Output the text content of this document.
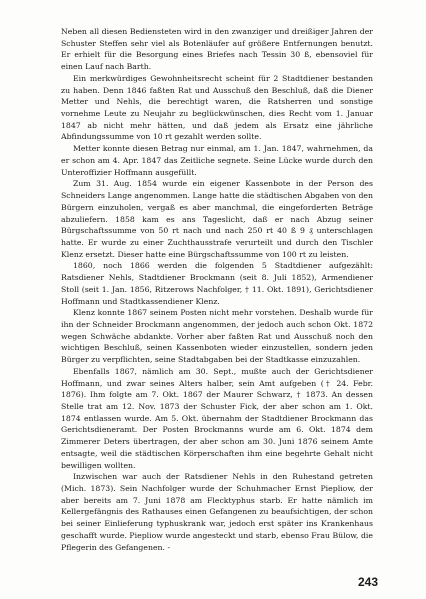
Neben all diesen Bediensteten wird in den zwanziger und dreißiger Jahren der Schuster Steffen sehr viel als Botenläufer auf größere Entfernungen benutzt. Er erhielt für die Besorgung eines Briefes nach Tessin 30 ß, ebensoviel für einen Lauf nach Barth.

Ein merkwürdiges Gewohnheitsrecht scheint für 2 Stadtdiener bestanden zu haben. Denn 1846 faßten Rat und Ausschuß den Beschluß, daß die Diener Metter und Nehls, die berechtigt waren, die Ratsherren und sonstige vornehme Leute zu Neujahr zu beglückwünschen, dies Recht vom 1. Januar 1847 ab nicht mehr hätten, und daß jedem als Ersatz eine jährliche Abfindungssumme von 10 rt gezahlt werden sollte.

Metter konnte diesen Betrag nur einmal, am 1. Jan. 1847, wahrnehmen, da er schon am 4. Apr. 1847 das Zeitliche segnete. Seine Lücke wurde durch den Unteroffizier Hoffmann ausgefüllt.

Zum 31. Aug. 1854 wurde ein eigener Kassenbote in der Person des Schneiders Lange angenommen. Lange hatte die städtischen Abgaben von den Bürgern einzuholen, vergaß es aber manchmal, die eingeforderten Beträge abzuliefern. 1858 kam es ans Tageslicht, daß er nach Abzug seiner Bürgschaftssumme von 50 rt nach und nach 250 rt 40 ß 9 ₰ unterschlagen hatte. Er wurde zu einer Zuchthausstrafe verurteilt und durch den Tischler Klenz ersetzt. Dieser hatte eine Bürgschaftssumme von 100 rt zu leisten.

1860, noch 1866 werden die folgenden 5 Stadtdiener aufgezählt: Ratsdiener Nehls, Stadtdiener Brockmann (seit 8. Juli 1852), Armendiener Stoll (seit 1. Jan. 1856, Ritzerows Nachfolger, † 11. Okt. 1891), Gerichtsdiener Hoffmann und Stadtkassendiener Klenz.

Klenz konnte 1867 seinem Posten nicht mehr vorstehen. Deshalb wurde für ihn der Schneider Brockmann angenommen, der jedoch auch schon Okt. 1872 wegen Schwäche abdankte. Vorher aber faßten Rat und Ausschuß noch den wichtigen Beschluß, seinen Kassenboten wieder einzustellen, sondern jeden Bürger zu verpflichten, seine Stadtabgaben bei der Stadtkasse einzuzahlen.

Ebenfalls 1867, nämlich am 30. Sept., mußte auch der Gerichtsdiener Hoffmann, und zwar seines Alters halber, sein Amt aufgeben († 24. Febr. 1876). Ihm folgte am 7. Okt. 1867 der Maurer Schwarz, † 1873. An dessen Stelle trat am 12. Nov. 1873 der Schuster Fick, der aber schon am 1. Okt. 1874 entlassen wurde. Am 5. Okt. übernahm der Stadtdiener Brockmann das Gerichtsdieneramt. Der Posten Brockmanns wurde am 6. Okt. 1874 dem Zimmerer Deters übertragen, der aber schon am 30. Juni 1876 seinem Amte entsagte, weil die städtischen Körperschaften ihm eine begehrte Gehalt nicht bewilligen wollten.

Inzwischen war auch der Ratsdiener Nehls in den Ruhestand getreten (Mich. 1873). Sein Nachfolger wurde der Schuhmacher Ernst Piepliow, der aber bereits am 7. Juni 1878 am Flecktyphus starb. Er hatte nämlich im Kellergefängnis des Rathauses einen Gefangenen zu beaufsichtigen, der schon bei seiner Einlieferung typhuskrank war, jedoch erst später ins Krankenhaus geschafft wurde. Piepliow wurde angesteckt und starb, ebenso Frau Bülow, die Pflegerin des Gefangenen. -

243
